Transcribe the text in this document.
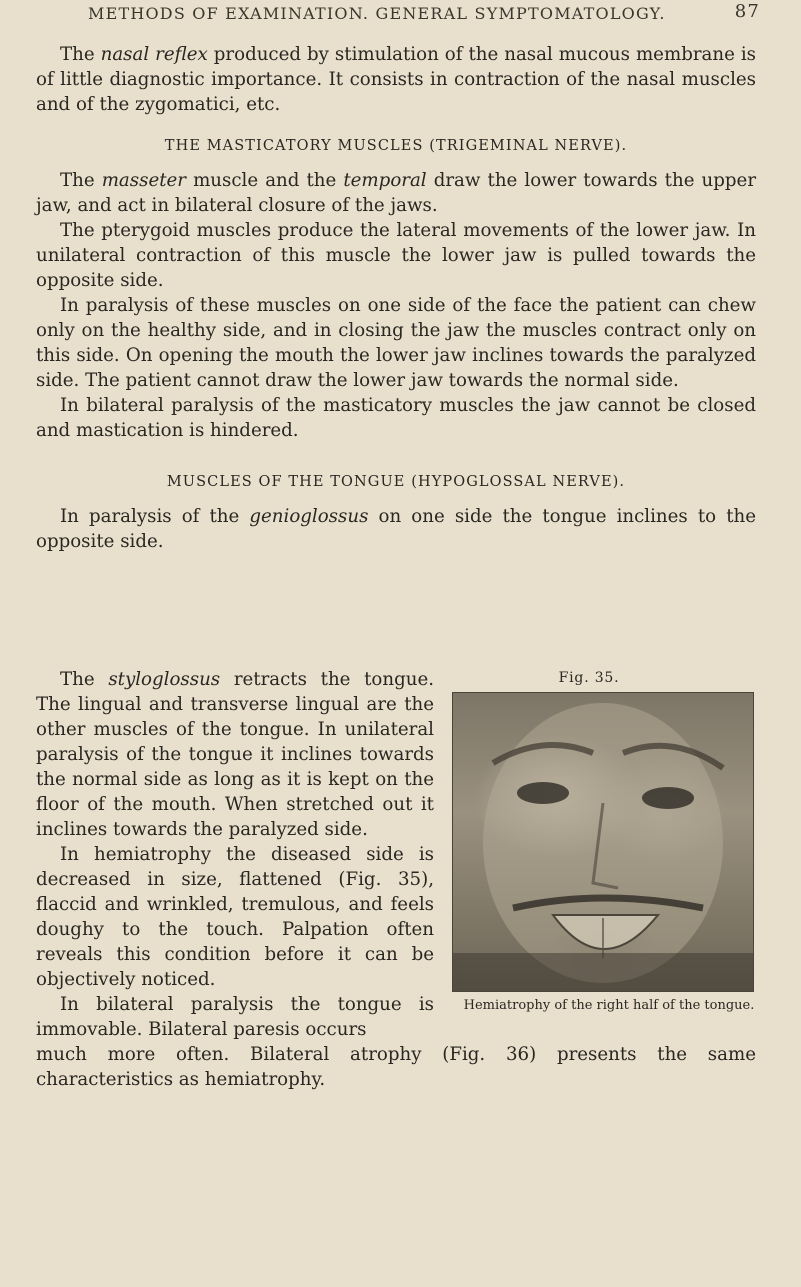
METHODS OF EXAMINATION. GENERAL SYMPTOMATOLOGY.	87

The nasal reflex produced by stimulation of the nasal mucous membrane is of little diagnostic importance. It consists in contraction of the nasal muscles and of the zygomatici, etc.

THE MASTICATORY MUSCLES (TRIGEMINAL NERVE).

The masseter muscle and the temporal draw the lower towards the upper jaw, and act in bilateral closure of the jaws.

The pterygoid muscles produce the lateral movements of the lower jaw. In unilateral contraction of this muscle the lower jaw is pulled towards the opposite side.

In paralysis of these muscles on one side of the face the patient can chew only on the healthy side, and in closing the jaw the muscles contract only on this side. On opening the mouth the lower jaw inclines towards the paralyzed side. The patient cannot draw the lower jaw towards the normal side.

In bilateral paralysis of the masticatory muscles the jaw cannot be closed and mastication is hindered.

MUSCLES OF THE TONGUE (HYPOGLOSSAL NERVE).

In paralysis of the genioglossus on one side the tongue inclines to the opposite side.

The styloglossus retracts the tongue. The lingual and transverse lingual are the other muscles of the tongue. In unilateral paralysis of the tongue it inclines towards the normal side as long as it is kept on the floor of the mouth. When stretched out it inclines towards the paralyzed side.

In hemiatrophy the diseased side is decreased in size, flattened (Fig. 35), flaccid and wrinkled, tremulous, and feels doughy to the touch. Palpation often reveals this condition before it can be objectively noticed.

In bilateral paralysis the tongue is immovable. Bilateral paresis occurs

much more often. Bilateral atrophy (Fig. 36) presents the same characteristics as hemiatrophy.

Fig. 35.
Hemiatrophy of the right half of the tongue.
